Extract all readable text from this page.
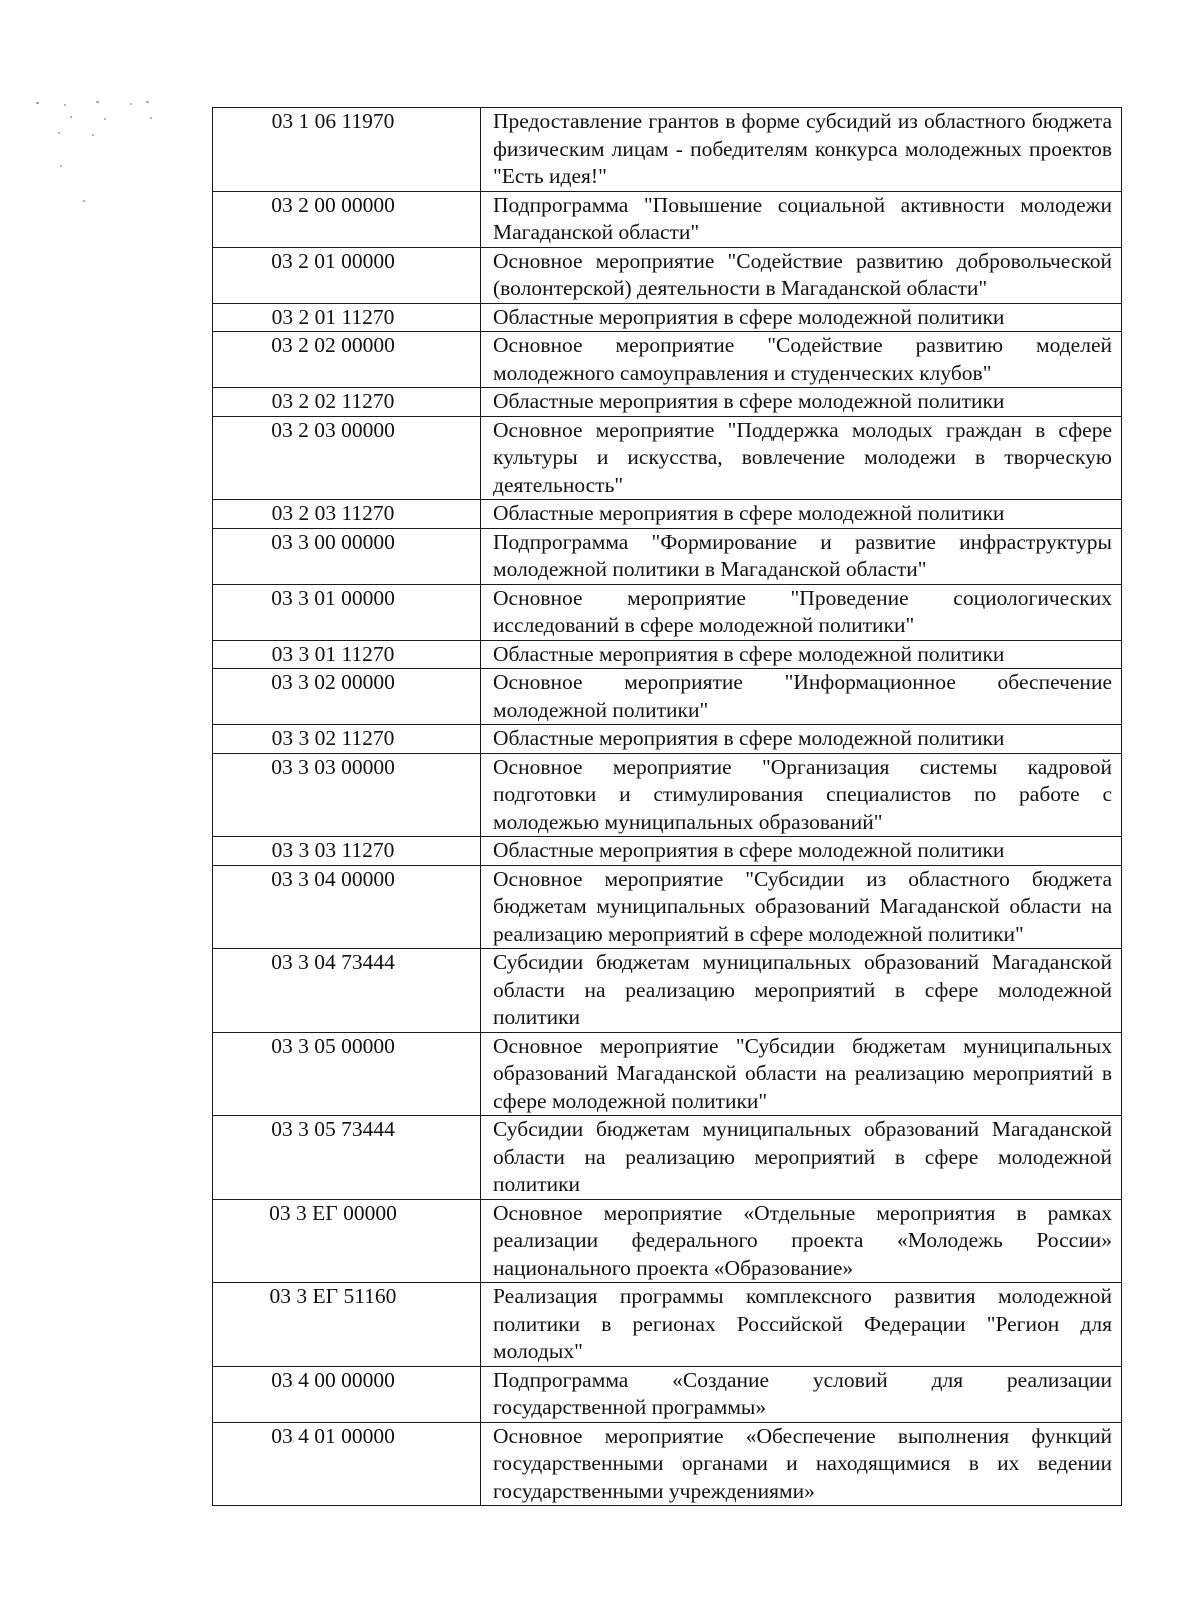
03 1 06 11970	Предоставление грантов в форме субсидий из областного бюджета физическим лицам - победителям конкурса молодежных проектов "Есть идея!"
03 2 00 00000	Подпрограмма "Повышение социальной активности молодежи Магаданской области"
03 2 01 00000	Основное мероприятие "Содействие развитию добровольческой (волонтерской) деятельности в Магаданской области"
03 2 01 11270	Областные мероприятия в сфере молодежной политики
03 2 02 00000	Основное мероприятие "Содействие развитию моделей молодежного самоуправления и студенческих клубов"
03 2 02 11270	Областные мероприятия в сфере молодежной политики
03 2 03 00000	Основное мероприятие "Поддержка молодых граждан в сфере культуры и искусства, вовлечение молодежи в творческую деятельность"
03 2 03 11270	Областные мероприятия в сфере молодежной политики
03 3 00 00000	Подпрограмма "Формирование и развитие инфраструктуры молодежной политики в Магаданской области"
03 3 01 00000	Основное мероприятие "Проведение социологических исследований в сфере молодежной политики"
03 3 01 11270	Областные мероприятия в сфере молодежной политики
03 3 02 00000	Основное мероприятие "Информационное обеспечение молодежной политики"
03 3 02 11270	Областные мероприятия в сфере молодежной политики
03 3 03 00000	Основное мероприятие "Организация системы кадровой подготовки и стимулирования специалистов по работе с молодежью муниципальных образований"
03 3 03 11270	Областные мероприятия в сфере молодежной политики
03 3 04 00000	Основное мероприятие "Субсидии из областного бюджета бюджетам муниципальных образований Магаданской области на реализацию мероприятий в сфере молодежной политики"
03 3 04 73444	Субсидии бюджетам муниципальных образований Магаданской области на реализацию мероприятий в сфере молодежной политики
03 3 05 00000	Основное мероприятие "Субсидии бюджетам муниципальных образований Магаданской области на реализацию мероприятий в сфере молодежной политики"
03 3 05 73444	Субсидии бюджетам муниципальных образований Магаданской области на реализацию мероприятий в сфере молодежной политики
03 3 ЕГ 00000	Основное мероприятие «Отдельные мероприятия в рамках реализации федерального проекта «Молодежь России» национального проекта «Образование»
03 3 ЕГ 51160	Реализация программы комплексного развития молодежной политики в регионах Российской Федерации "Регион для молодых"
03 4 00 00000	Подпрограмма «Создание условий для реализации государственной программы»
03 4 01 00000	Основное мероприятие «Обеспечение выполнения функций государственными органами и находящимися в их ведении государственными учреждениями»
